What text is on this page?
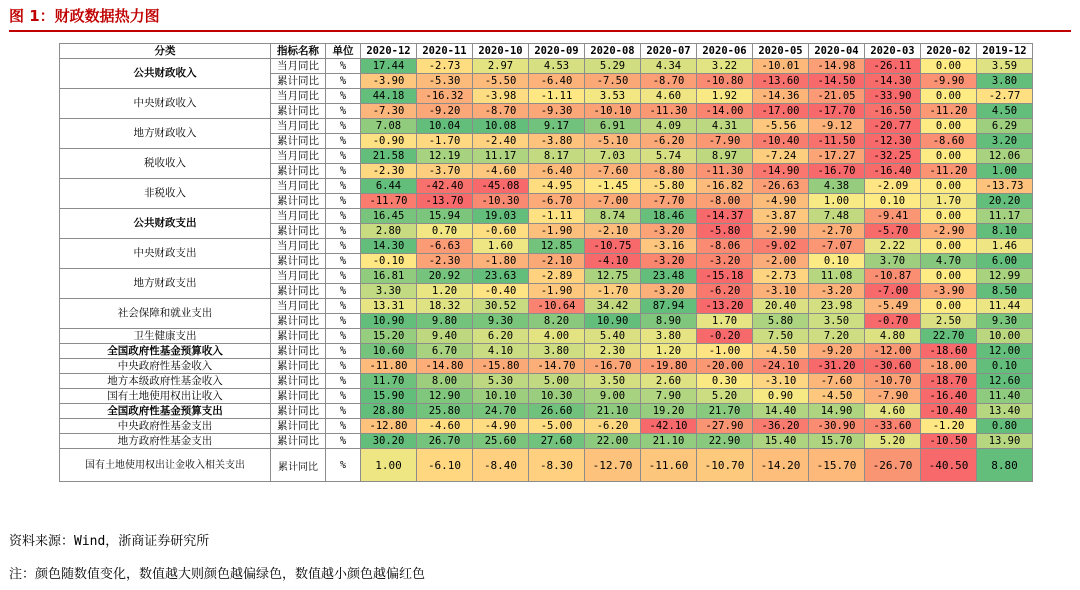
图 1：财政数据热力图
分类	指标名称	单位	2020-12	2020-11	2020-10	2020-09	2020-08	2020-07	2020-06	2020-05	2020-04	2020-03	2020-02	2019-12
公共财政收入	当月同比	%	17.44	-2.73	2.97	4.53	5.29	4.34	3.22	-10.01	-14.98	-26.11	0.00	3.59
	累计同比	%	-3.90	-5.30	-5.50	-6.40	-7.50	-8.70	-10.80	-13.60	-14.50	-14.30	-9.90	3.80
中央财政收入	当月同比	%	44.18	-16.32	-3.98	-1.11	3.53	4.60	1.92	-14.36	-21.05	-33.90	0.00	-2.77
	累计同比	%	-7.30	-9.20	-8.70	-9.30	-10.10	-11.30	-14.00	-17.00	-17.70	-16.50	-11.20	4.50
地方财政收入	当月同比	%	7.08	10.04	10.08	9.17	6.91	4.09	4.31	-5.56	-9.12	-20.77	0.00	6.29
	累计同比	%	-0.90	-1.70	-2.40	-3.80	-5.10	-6.20	-7.90	-10.40	-11.50	-12.30	-8.60	3.20
税收收入	当月同比	%	21.58	12.19	11.17	8.17	7.03	5.74	8.97	-7.24	-17.27	-32.25	0.00	12.06
	累计同比	%	-2.30	-3.70	-4.60	-6.40	-7.60	-8.80	-11.30	-14.90	-16.70	-16.40	-11.20	1.00
非税收入	当月同比	%	6.44	-42.40	-45.08	-4.95	-1.45	-5.80	-16.82	-26.63	4.38	-2.09	0.00	-13.73
	累计同比	%	-11.70	-13.70	-10.30	-6.70	-7.00	-7.70	-8.00	-4.90	1.00	0.10	1.70	20.20
公共财政支出	当月同比	%	16.45	15.94	19.03	-1.11	8.74	18.46	-14.37	-3.87	7.48	-9.41	0.00	11.17
	累计同比	%	2.80	0.70	-0.60	-1.90	-2.10	-3.20	-5.80	-2.90	-2.70	-5.70	-2.90	8.10
中央财政支出	当月同比	%	14.30	-6.63	1.60	12.85	-10.75	-3.16	-8.06	-9.02	-7.07	2.22	0.00	1.46
	累计同比	%	-0.10	-2.30	-1.80	-2.10	-4.10	-3.20	-3.20	-2.00	0.10	3.70	4.70	6.00
地方财政支出	当月同比	%	16.81	20.92	23.63	-2.89	12.75	23.48	-15.18	-2.73	11.08	-10.87	0.00	12.99
	累计同比	%	3.30	1.20	-0.40	-1.90	-1.70	-3.20	-6.20	-3.10	-3.20	-7.00	-3.90	8.50
社会保障和就业支出	当月同比	%	13.31	18.32	30.52	-10.64	34.42	87.94	-13.20	20.40	23.98	-5.49	0.00	11.44
	累计同比	%	10.90	9.80	9.30	8.20	10.90	8.90	1.70	5.80	3.50	-0.70	2.50	9.30
卫生健康支出	累计同比	%	15.20	9.40	6.20	4.00	5.40	3.80	-0.20	7.50	7.20	4.80	22.70	10.00
全国政府性基金预算收入	累计同比	%	10.60	6.70	4.10	3.80	2.30	1.20	-1.00	-4.50	-9.20	-12.00	-18.60	12.00
中央政府性基金收入	累计同比	%	-11.80	-14.80	-15.80	-14.70	-16.70	-19.80	-20.00	-24.10	-31.20	-30.60	-18.00	0.10
地方本级政府性基金收入	累计同比	%	11.70	8.00	5.30	5.00	3.50	2.60	0.30	-3.10	-7.60	-10.70	-18.70	12.60
国有土地使用权出让收入	累计同比	%	15.90	12.90	10.10	10.30	9.00	7.90	5.20	0.90	-4.50	-7.90	-16.40	11.40
全国政府性基金预算支出	累计同比	%	28.80	25.80	24.70	26.60	21.10	19.20	21.70	14.40	14.90	4.60	-10.40	13.40
中央政府性基金支出	累计同比	%	-12.80	-4.60	-4.90	-5.00	-6.20	-42.10	-27.90	-36.20	-30.90	-33.60	-1.20	0.80
地方政府性基金支出	累计同比	%	30.20	26.70	25.60	27.60	22.00	21.10	22.90	15.40	15.70	5.20	-10.50	13.90
国有土地使用权出让金收入相关支出	累计同比	%	1.00	-6.10	-8.40	-8.30	-12.70	-11.60	-10.70	-14.20	-15.70	-26.70	-40.50	8.80
资料来源：Wind，浙商证券研究所
注：颜色随数值变化，数值越大则颜色越偏绿色，数值越小颜色越偏红色
